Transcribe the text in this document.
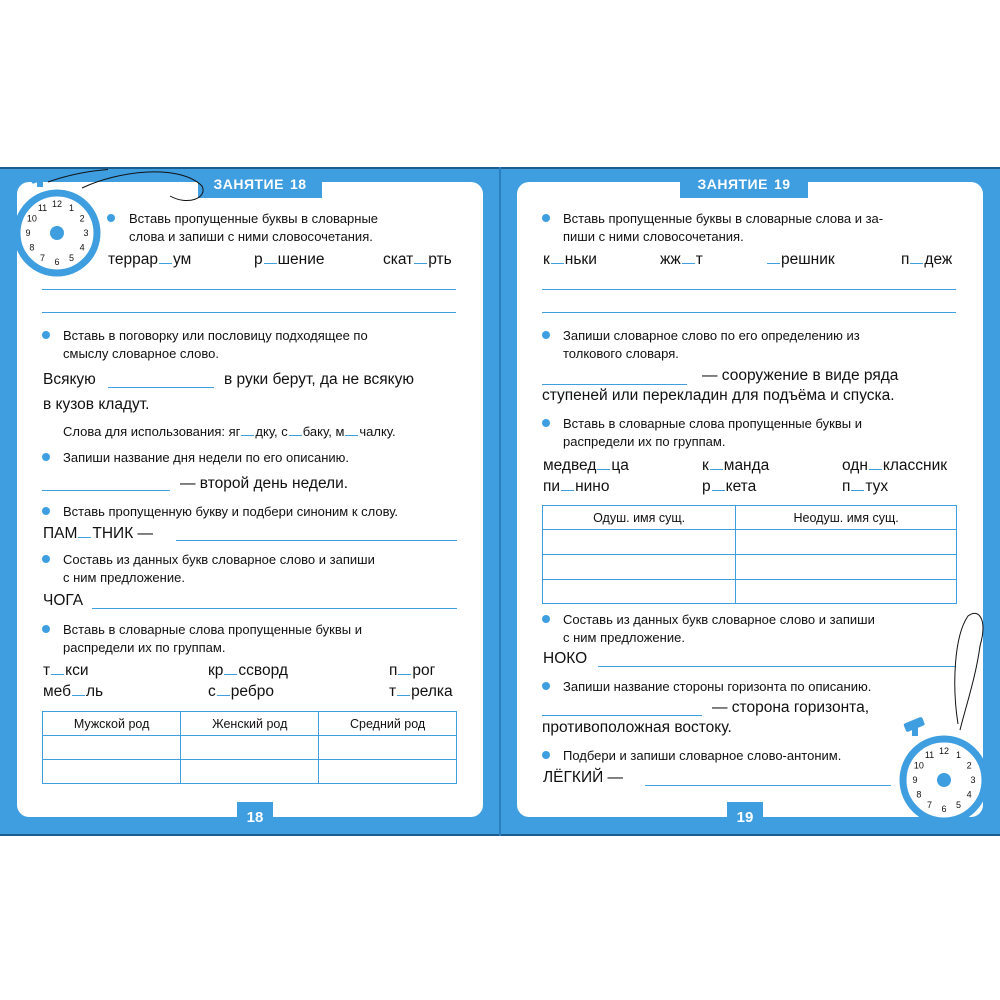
ЗАНЯТИЕ 18
12 1
2
3
4
5
6
7
8
9
10
11
Вставь пропущенные буквы в словарные
слова и запиши с ними словосочетания.
террар ум	р шение	скат рть
Вставь в поговорку или пословицу подходящее по
смыслу словарное слово.
Всякую	в руки берут, да не всякую
в кузов кладут.
Слова для использования: яг дку, с баку, м чалку.
Запиши название дня недели по его описанию.
— второй день недели.
Вставь пропущенную букву и подбери синоним к слову.
ПАМ ТНИК —
Составь из данных букв словарное слово и запиши
с ним предложение.
ЧОГА
Вставь в словарные слова пропущенные буквы и
распредели их по группам.
т кси	кр ссворд	п рог
меб ль	с ребро	т релка
Мужской род	Женский род	Средний род

18
ЗАНЯТИЕ 19
Вставь пропущенные буквы в словарные слова и за-
пиши с ними словосочетания.
к ньки	жж т	решник	п деж
Запиши словарное слово по его определению из
толкового словаря.
— сооружение в виде ряда
ступеней или перекладин для подъёма и спуска.
Вставь в словарные слова пропущенные буквы и
распредели их по группам.
медвед ца	к манда	одн классник
пи нино	р кета	п тух
Одуш. имя сущ.	Неодуш. имя сущ.

Составь из данных букв словарное слово и запиши
с ним предложение.
НОКО
Запиши название стороны горизонта по описанию.
— сторона горизонта,
противоположная востоку.
Подбери и запиши словарное слово-антоним.
ЛЁГКИЙ —
19
12 1
2
3
4
5
6
7
8
9
10
11
